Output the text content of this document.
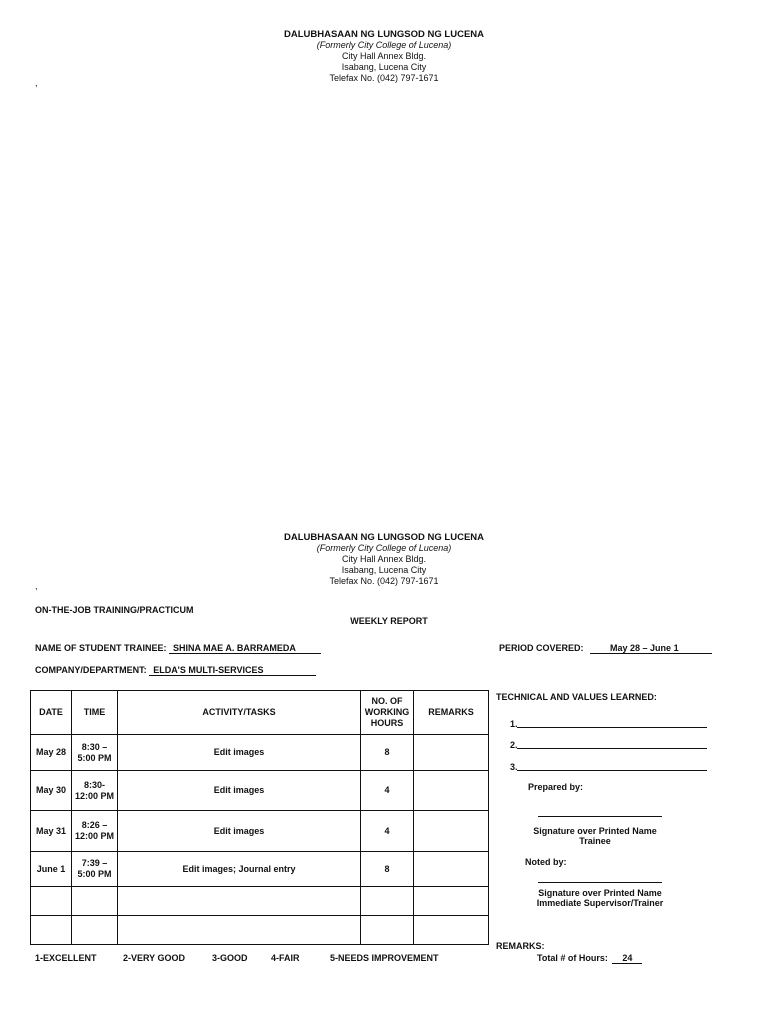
DALUBHASAAN NG LUNGSOD NG LUCENA
(Formerly City College of Lucena)
City Hall Annex Bldg.
Isabang, Lucena City
Telefax No. (042) 797-1671
,
DALUBHASAAN NG LUNGSOD NG LUCENA
(Formerly City College of Lucena)
City Hall Annex Bldg.
Isabang, Lucena City
Telefax No. (042) 797-1671
,
ON-THE-JOB TRAINING/PRACTICUM
WEEKLY REPORT
NAME OF STUDENT TRAINEE: SHINA MAE A. BARRAMEDA	PERIOD COVERED:	May 28 – June 1
COMPANY/DEPARTMENT: ELDA'S MULTI-SERVICES
DATE	TIME	ACTIVITY/TASKS	NO. OF WORKING HOURS	REMARKS
May 28	8:30 – 5:00 PM	Edit images	8	
May 30	8:30- 12:00 PM	Edit images	4	
May 31	8:26 – 12:00 PM	Edit images	4	
June 1	7:39 – 5:00 PM	Edit images; Journal entry	8	

TECHNICAL AND VALUES LEARNED:
1.
2.
3.
Prepared by:
Signature over Printed Name
Trainee
Noted by:
Signature over Printed Name
Immediate Supervisor/Trainer
REMARKS:
Total # of Hours: 24
1-EXCELLENT	2-VERY GOOD	3-GOOD	4-FAIR	5-NEEDS IMPROVEMENT
